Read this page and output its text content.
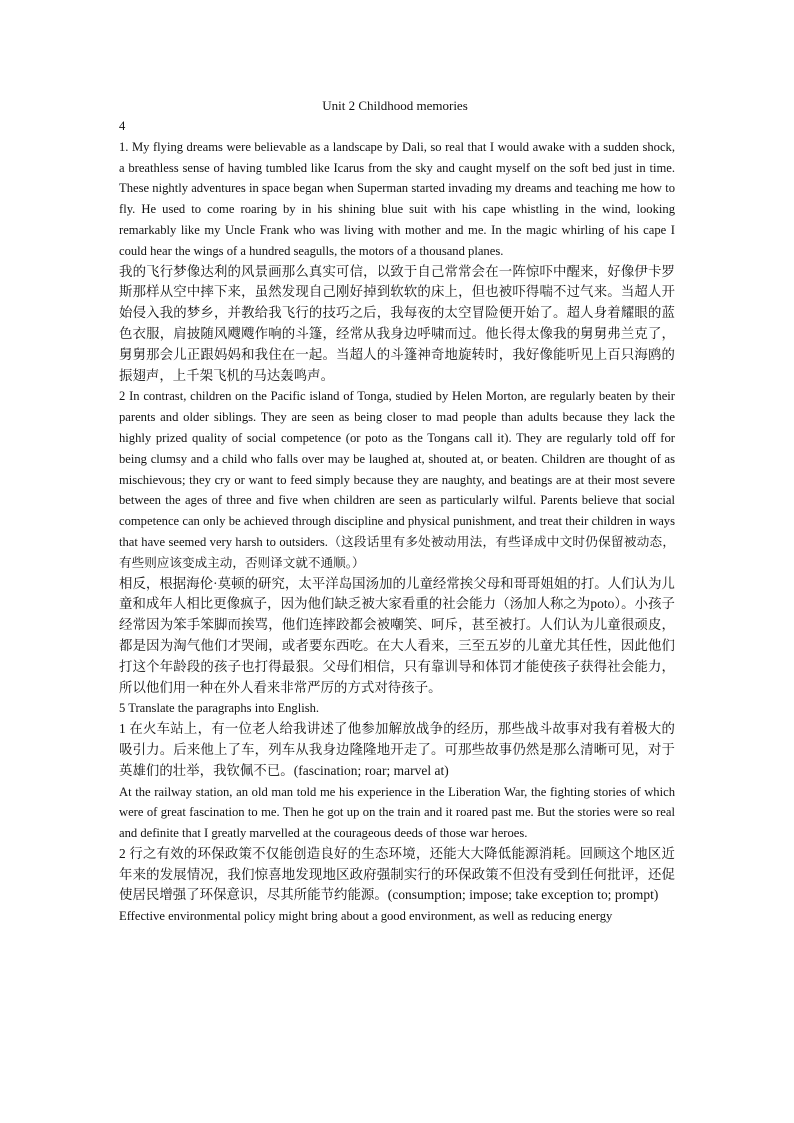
Unit 2 Childhood memories

4

1. My flying dreams were believable as a landscape by Dali, so real that I would awake with a sudden shock, a breathless sense of having tumbled like Icarus from the sky and caught myself on the soft bed just in time. These nightly adventures in space began when Superman started invading my dreams and teaching me how to fly. He used to come roaring by in his shining blue suit with his cape whistling in the wind, looking remarkably like my Uncle Frank who was living with mother and me. In the magic whirling of his cape I could hear the wings of a hundred seagulls, the motors of a thousand planes.

我的飞行梦像达利的风景画那么真实可信，以致于自己常常会在一阵惊吓中醒来，好像伊卡罗斯那样从空中摔下来，虽然发现自己刚好掉到软软的床上，但也被吓得喘不过气来。当超人开始侵入我的梦乡，并教给我飞行的技巧之后，我每夜的太空冒险便开始了。超人身着耀眼的蓝色衣服，肩披随风飕飕作响的斗篷，经常从我身边呼啸而过。他长得太像我的舅舅弗兰克了，舅舅那会儿正跟妈妈和我住在一起。当超人的斗篷神奇地旋转时，我好像能听见上百只海鸥的振翅声，上千架飞机的马达轰鸣声。

2 In contrast, children on the Pacific island of Tonga, studied by Helen Morton, are regularly beaten by their parents and older siblings. They are seen as being closer to mad people than adults because they lack the highly prized quality of social competence (or poto as the Tongans call it). They are regularly told off for being clumsy and a child who falls over may be laughed at, shouted at, or beaten. Children are thought of as mischievous; they cry or want to feed simply because they are naughty, and beatings are at their most severe between the ages of three and five when children are seen as particularly wilful. Parents believe that social competence can only be achieved through discipline and physical punishment, and treat their children in ways that have seemed very harsh to outsiders.（这段话里有多处被动用法，有些译成中文时仍保留被动态，有些则应该变成主动，否则译文就不通顺。）

相反，根据海伦·莫顿的研究，太平洋岛国汤加的儿童经常挨父母和哥哥姐姐的打。人们认为儿童和成年人相比更像疯子，因为他们缺乏被大家看重的社会能力（汤加人称之为poto）。小孩子经常因为笨手笨脚而挨骂，他们连摔跤都会被嘲笑、呵斥，甚至被打。人们认为儿童很顽皮，都是因为淘气他们才哭闹，或者要东西吃。在大人看来，三至五岁的儿童尤其任性，因此他们打这个年龄段的孩子也打得最狠。父母们相信，只有靠训导和体罚才能使孩子获得社会能力，所以他们用一种在外人看来非常严厉的方式对待孩子。

5 Translate the paragraphs into English.

1 在火车站上，有一位老人给我讲述了他参加解放战争的经历，那些战斗故事对我有着极大的吸引力。后来他上了车，列车从我身边隆隆地开走了。可那些故事仍然是那么清晰可见，对于英雄们的壮举，我钦佩不已。(fascination; roar; marvel at)

At the railway station, an old man told me his experience in the Liberation War, the fighting stories of which were of great fascination to me. Then he got up on the train and it roared past me. But the stories were so real and definite that I greatly marvelled at the courageous deeds of those war heroes.

2 行之有效的环保政策不仅能创造良好的生态环境，还能大大降低能源消耗。回顾这个地区近年来的发展情况，我们惊喜地发现地区政府强制实行的环保政策不但没有受到任何批评，还促使居民增强了环保意识，尽其所能节约能源。(consumption; impose; take exception to; prompt)

Effective environmental policy might bring about a good environment, as well as reducing energy
